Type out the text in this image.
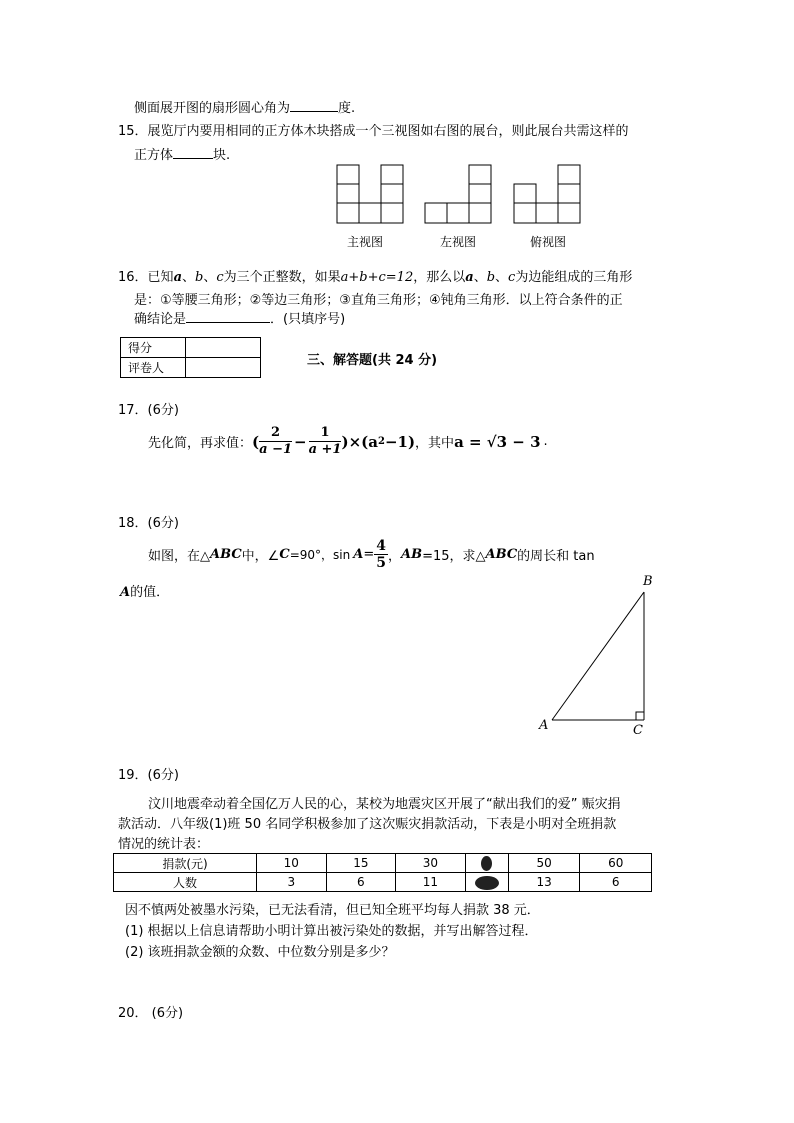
侧面展开图的扇形圆心角为	度.
15．展览厅内要用相同的正方体木块搭成一个三视图如右图的展台，则此展台共需这样的
正方体	块.
主视图	左视图	俯视图
16．已知a、b、c为三个正整数，如果a+b+c=12，那么以a、b、c为边能组成的三角形
是：①等腰三角形；②等边三角形；③直角三角形；④钝角三角形．以上符合条件的正
确结论是	．(只填序号)
得分	
评卷人		三、解答题(共 24 分)
17．(6分)
先化简，再求值： ( $\frac{2}{a -1} - \frac{1}{a +1} )\times(a$ 2 −1) ，其中 a = √3 − 3 .
18．(6分)
如图，在△ ABC 中，∠ C =90°，$\sin A = \frac{4}{5}$ ， AB =15，求△ ABC 的周长和 tan
A的值．
A
B
C
19．(6分)
汶川地震牵动着全国亿万人民的心，某校为地震灾区开展了“献出我们的爱” 赈灾捐
款活动．八年级(1)班 50 名同学积极参加了这次赈灾捐款活动，下表是小明对全班捐款
情况的统计表：
捐款(元)	10	15	30		50	60
人数	3	6	11		13	6
因不慎两处被墨水污染，已无法看清，但已知全班平均每人捐款 38 元．
(1) 根据以上信息请帮助小明计算出被污染处的数据，并写出解答过程．
(2) 该班捐款金额的众数、中位数分别是多少？
20． (6分)
